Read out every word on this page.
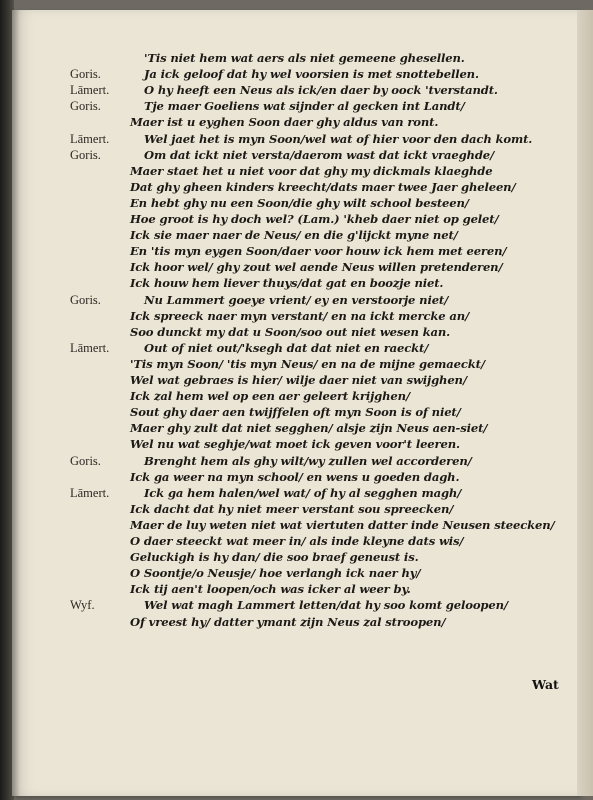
'Tis niet hem wat aers als niet gemeene ghesellen.
Goris.	Ja ick geloof dat hy wel voorsien is met snottebellen.
Lāmert.	O hy heeft een Neus als ick/en daer by oock 'tverstandt.
Goris.	Tje maer Goeliens wat sijnder al gecken int Landt/
Maer ist u eyghen Soon daer ghy aldus van ront.
Lāmert.	Wel jaet het is myn Soon/wel wat of hier voor den dach komt.
Goris.	Om dat ickt niet versta/daerom wast dat ickt vraeghde/
Maer staet het u niet voor dat ghy my dickmals klaeghde
Dat ghy gheen kinders kreecht/dats maer twee Jaer gheleen/
En hebt ghy nu een Soon/die ghy wilt school besteen/
Hoe groot is hy doch wel? (Lam.) 'kheb daer niet op gelet/
Ick sie maer naer de Neus/ en die g'lijckt myne net/
En 'tis myn eygen Soon/daer voor houw ick hem met eeren/
Ick hoor wel/ ghy zout wel aende Neus willen pretenderen/
Ick houw hem liever thuys/dat gat en boozje niet.
Goris.	Nu Lammert goeye vrient/ ey en verstoorje niet/
Ick spreeck naer myn verstant/ en na ickt mercke an/
Soo dunckt my dat u Soon/soo out niet wesen kan.
Lāmert.	Out of niet out/'ksegh dat dat niet en raeckt/
'Tis myn Soon/ 'tis myn Neus/ en na de mijne gemaeckt/
Wel wat gebraes is hier/ wilje daer niet van swijghen/
Ick zal hem wel op een aer geleert krijghen/
Sout ghy daer aen twijffelen oft myn Soon is of niet/
Maer ghy zult dat niet segghen/ alsje zijn Neus aen-siet/
Wel nu wat seghje/wat moet ick geven voor't leeren.
Goris.	Brenght hem als ghy wilt/wy zullen wel accorderen/
Ick ga weer na myn school/ en wens u goeden dagh.
Lāmert.	Ick ga hem halen/wel wat/ of hy al segghen magh/
Ick dacht dat hy niet meer verstant sou spreecken/
Maer de luy weten niet wat viertuten datter inde Neusen steecken/
O daer steeckt wat meer in/ als inde kleyne dats wis/
Geluckigh is hy dan/ die soo braef geneust is.
O Soontje/o Neusje/ hoe verlangh ick naer hy/
Ick tij aen't loopen/och was icker al weer by.
Wyf.	Wel wat magh Lammert letten/dat hy soo komt geloopen/
Of vreest hy/ datter ymant zijn Neus zal stroopen/
Wat
